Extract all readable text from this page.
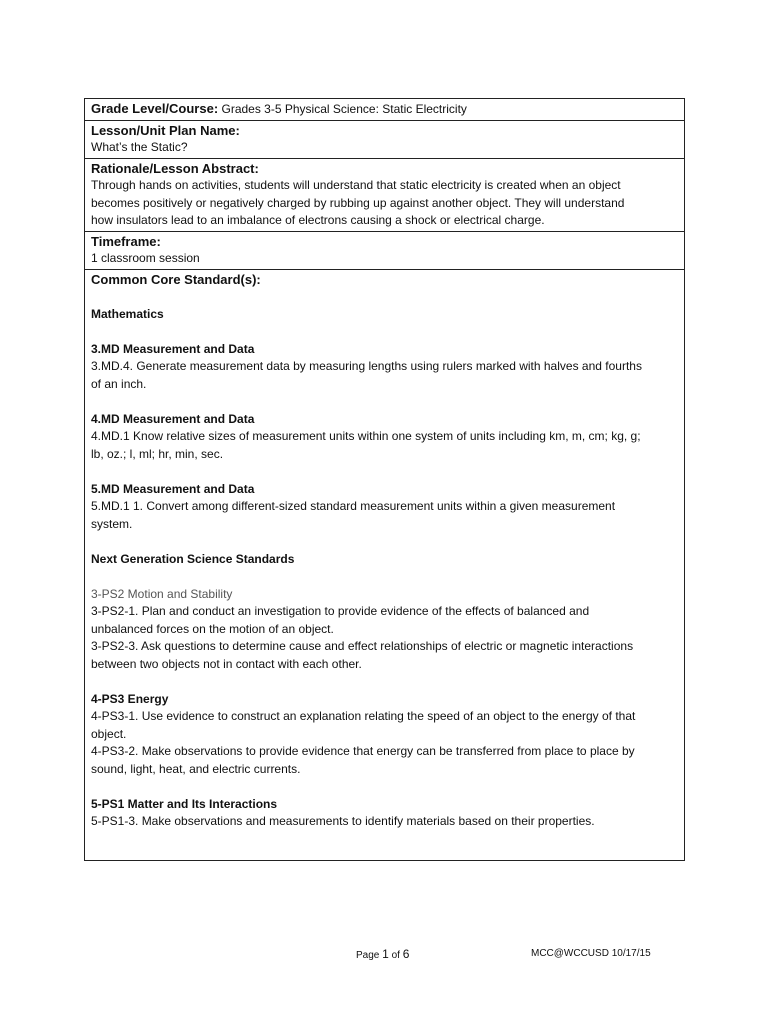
Grade Level/Course: Grades 3-5 Physical Science: Static Electricity
Lesson/Unit Plan Name:
What’s the Static?
Rationale/Lesson Abstract:
Through hands on activities, students will understand that static electricity is created when an object
becomes positively or negatively charged by rubbing up against another object. They will understand
how insulators lead to an imbalance of electrons causing a shock or electrical charge.
Timeframe:
1 classroom session
Common Core Standard(s):
Mathematics
3.MD Measurement and Data
3.MD.4. Generate measurement data by measuring lengths using rulers marked with halves and fourths
of an inch.
4.MD Measurement and Data
4.MD.1 Know relative sizes of measurement units within one system of units including km, m, cm; kg, g;
lb, oz.; l, ml; hr, min, sec.
5.MD Measurement and Data
5.MD.1 1. Convert among different-sized standard measurement units within a given measurement
system.
Next Generation Science Standards
3-PS2 Motion and Stability
3-PS2-1. Plan and conduct an investigation to provide evidence of the effects of balanced and
unbalanced forces on the motion of an object.
3-PS2-3. Ask questions to determine cause and effect relationships of electric or magnetic interactions
between two objects not in contact with each other.
4-PS3 Energy
4-PS3-1. Use evidence to construct an explanation relating the speed of an object to the energy of that
object.
4-PS3-2. Make observations to provide evidence that energy can be transferred from place to place by
sound, light, heat, and electric currents.
5-PS1 Matter and Its Interactions
5-PS1-3. Make observations and measurements to identify materials based on their properties.
Page 1 of 6	MCC@WCCUSD 10/17/15
